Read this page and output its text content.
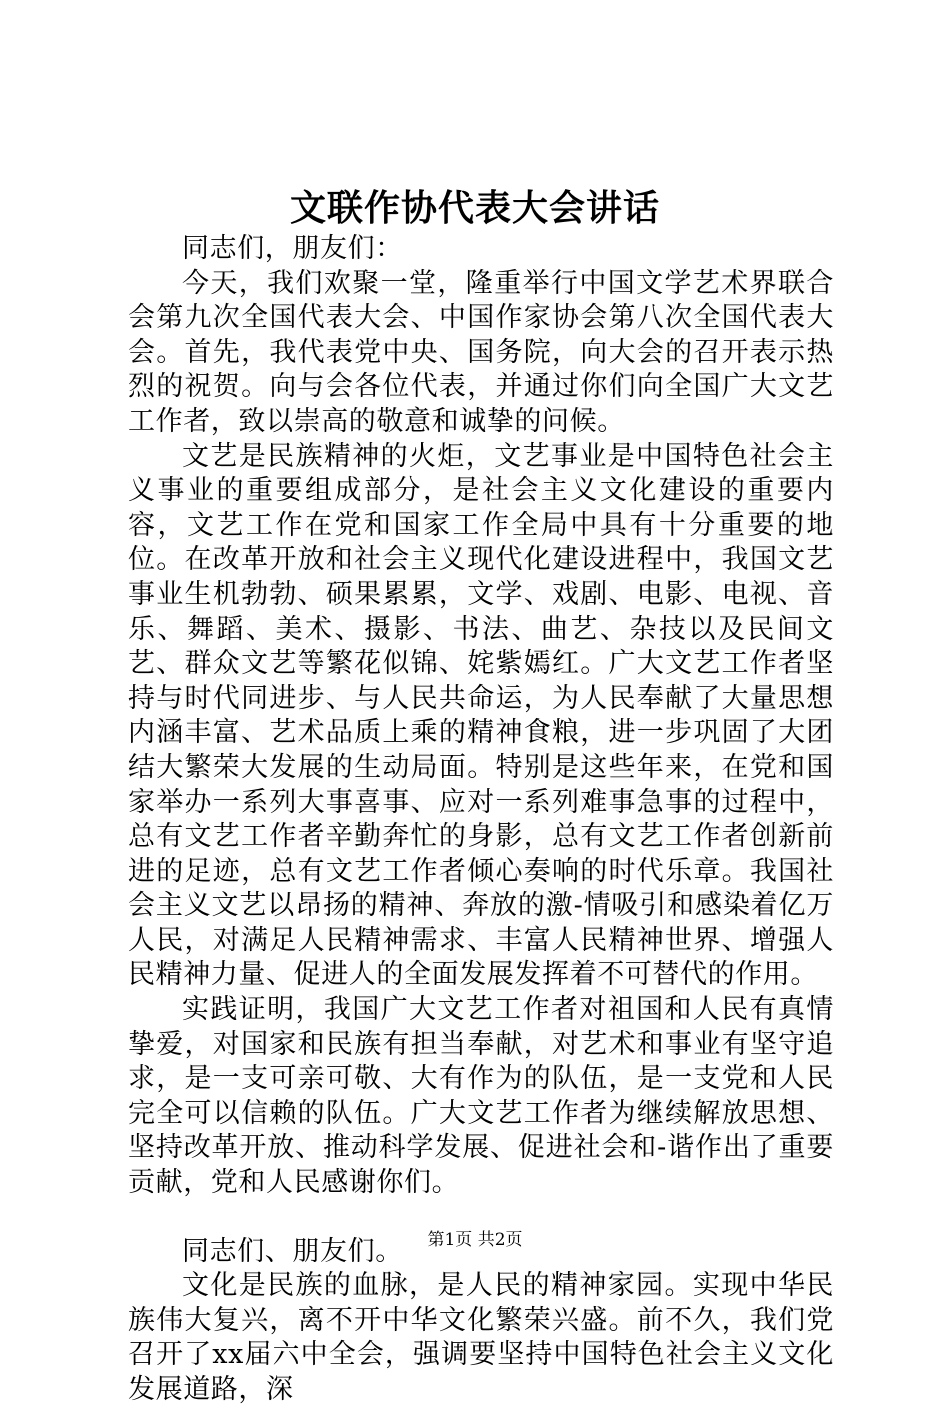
文联作协代表大会讲话

同志们，朋友们：

今天，我们欢聚一堂，隆重举行中国文学艺术界联合会第九次全国代表大会、中国作家协会第八次全国代表大会。首先，我代表党中央、国务院，向大会的召开表示热烈的祝贺。向与会各位代表，并通过你们向全国广大文艺工作者，致以崇高的敬意和诚挚的问候。

文艺是民族精神的火炬，文艺事业是中国特色社会主义事业的重要组成部分，是社会主义文化建设的重要内容，文艺工作在党和国家工作全局中具有十分重要的地位。在改革开放和社会主义现代化建设进程中，我国文艺事业生机勃勃、硕果累累，文学、戏剧、电影、电视、音乐、舞蹈、美术、摄影、书法、曲艺、杂技以及民间文艺、群众文艺等繁花似锦、姹紫嫣红。广大文艺工作者坚持与时代同进步、与人民共命运，为人民奉献了大量思想内涵丰富、艺术品质上乘的精神食粮，进一步巩固了大团结大繁荣大发展的生动局面。特别是这些年来，在党和国家举办一系列大事喜事、应对一系列难事急事的过程中，总有文艺工作者辛勤奔忙的身影，总有文艺工作者创新前进的足迹，总有文艺工作者倾心奏响的时代乐章。我国社会主义文艺以昂扬的精神、奔放的激-情吸引和感染着亿万人民，对满足人民精神需求、丰富人民精神世界、增强人民精神力量、促进人的全面发展发挥着不可替代的作用。

实践证明，我国广大文艺工作者对祖国和人民有真情挚爱，对国家和民族有担当奉献，对艺术和事业有坚守追求，是一支可亲可敬、大有作为的队伍，是一支党和人民完全可以信赖的队伍。广大文艺工作者为继续解放思想、坚持改革开放、推动科学发展、促进社会和-谐作出了重要贡献，党和人民感谢你们。

同志们、朋友们。

文化是民族的血脉，是人民的精神家园。实现中华民族伟大复兴，离不开中华文化繁荣兴盛。前不久，我们党召开了xx届六中全会，强调要坚持中国特色社会主义文化发展道路，深

第1页 共2页
